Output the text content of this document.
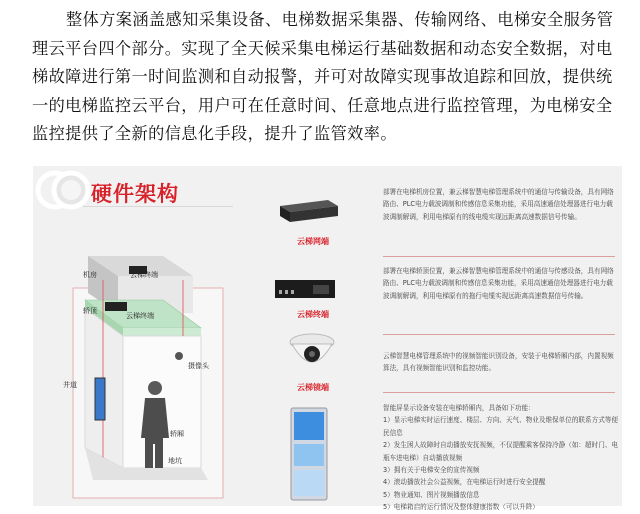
整体方案涵盖感知采集设备、电梯数据采集器、传输网络、电梯安全服务管理云平台四个部分。实现了全天候采集电梯运行基础数据和动态安全数据，对电梯故障进行第一时间监测和自动报警，并可对故障实现事故追踪和回放，提供统一的电梯监控云平台，用户可在任意时间、任意地点进行监控管理，为电梯安全监控提供了全新的信息化手段，提升了监管效率。

硬件架构
机房	云梯终端
轿顶
云梯终端
摄像头
井道
轿厢
地坑
云梯网端
部署在电梯机房位置，兼云梯智慧电梯管理系统中的通信与传输设备，具有网络路由、PLC电力载波调制和传感信息采集功能，采用高速通信处理器进行电力载波调制解调，利用电梯原有的线电缆实现远距离高速数据信号传输。
云梯终端
部署在电梯轿顶位置，兼云梯智慧电梯管理系统中的通信与传感设备，具有网络路由、PLC电力载波调制和传感信息采集功能，采用高速通信处理器进行电力载波调制解调，利用电梯原有的拖行电缆实现远距离高速数据信号传输。
云梯镜端
云梯智慧电梯管理系统中的视频智能识别设备，安装于电梯轿厢内部，内置视频算法，具有视频智能识别和监控功能。
智能屏显示设备安装在电梯轿厢内，具备如下功能：
1）显示电梯实时运行速度、楼层、方向、天气、物业及维保单位的联系方式等便民信息
2）发生困人故障时自动播放安抚视频，不仅提醒乘客保持冷静（如：超时门、电瓶车进电梯）自动播放视频
3）拥有关于电梯安全的宣传视频
4）滚动播放社会公益视频，在电梯运行时进行安全提醒
5）物业通知、图片视频播放信息
5）电梯箱启的运行情况及整体健康指数（可以升降）
